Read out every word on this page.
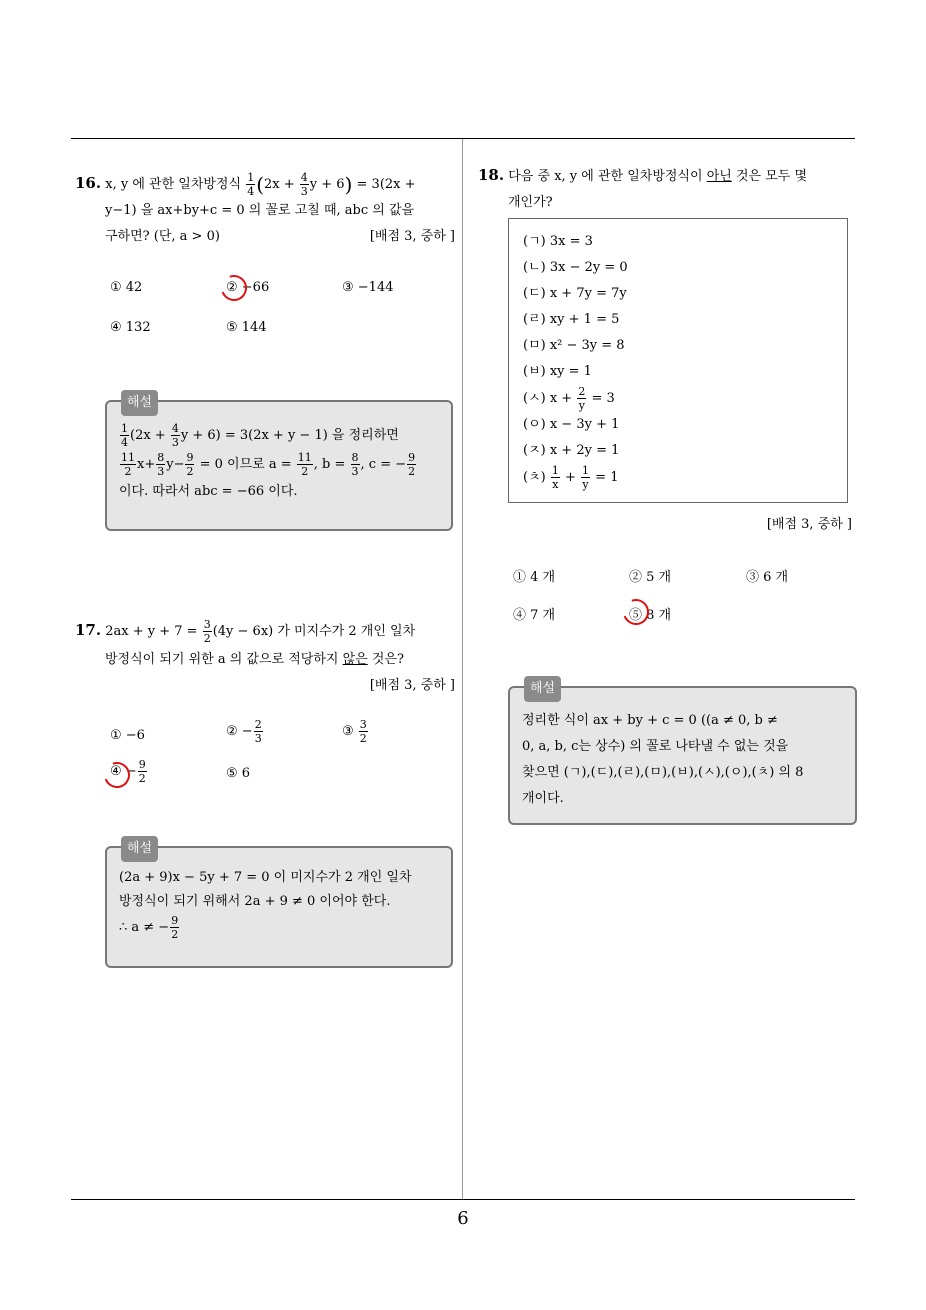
6
16. x, y 에 관한 일차방정식 $\frac{1}{4} (2x + \frac{4}{3}$ y + 6) = 3(2x +
y−1) 을 ax+by+c = 0 의 꼴로 고칠 때, abc 의 값을
구하면? (단, a > 0)	[배점 3, 중하 ]
① 42	② −66	③ −144
④ 132	⑤ 144
해설
$\frac{1}{4} (2x + \frac{4}{3}$ y + 6) = 3(2x + y − 1) 을 정리하면
$\frac{11}{2} x+ \frac{8}{3} y- \frac{9}{2} = 0$ 이므로 $a = \frac{11}{2}$ , $b = \frac{8}{3}$ , c = − $\frac{9}{2}$
이다. 따라서 abc = −66 이다.
17. $2ax + y + 7 = \frac{3}{2} (4y - 6x)$ 가 미지수가 2 개인 일차
방정식이 되기 위한 a 의 값으로 적당하지 않은 것은?
[배점 3, 중하 ]
① −6	② − $\frac{2}{3}$	③ $\frac{3}{2}$
④ − $\frac{9}{2}$	⑤ 6
해설
(2a + 9)x − 5y + 7 = 0 이 미지수가 2 개인 일차
방정식이 되기 위해서 2a + 9 ≠ 0 이어야 한다.
∴ a ≠ − $\frac{9}{2}$
18. 다음 중 x, y 에 관한 일차방정식이 아닌 것은 모두 몇
개인가?
(ㄱ) 3x = 3
(ㄴ) 3x − 2y = 0
(ㄷ) x + 7y = 7y
(ㄹ) xy + 1 = 5
(ㅁ) x² − 3y = 8
(ㅂ) xy = 1
(ㅅ) $x + \frac{2}{y} = 3$
(ㅇ) x − 3y + 1
(ㅈ) x + 2y = 1
(ㅊ) $\frac{1}{x} + \frac{1}{y} = 1$
[배점 3, 중하 ]
① 4 개	② 5 개	③ 6 개
④ 7 개	⑤ 8 개
해설
정리한 식이 ax + by + c = 0 ((a ≠ 0, b ≠
0, a, b, c는 상수) 의 꼴로 나타낼 수 없는 것을
찾으면 (ㄱ),(ㄷ),(ㄹ),(ㅁ),(ㅂ),(ㅅ),(ㅇ),(ㅊ) 의 8
개이다.
